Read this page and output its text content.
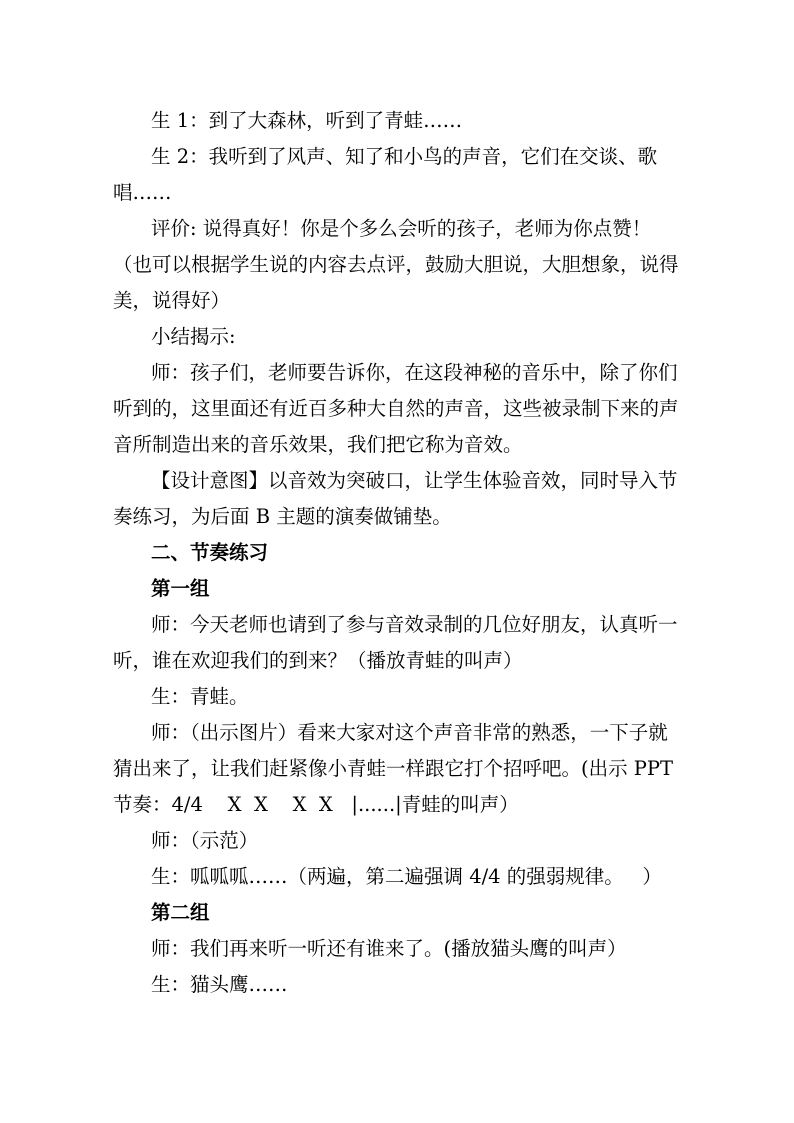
生 1：到了大森林，听到了青蛙……

生 2：我听到了风声、知了和小鸟的声音，它们在交谈、歌唱……

评价: 说得真好！你是个多么会听的孩子，老师为你点赞！（也可以根据学生说的内容去点评，鼓励大胆说，大胆想象，说得美，说得好）

小结揭示:

师：孩子们，老师要告诉你，在这段神秘的音乐中，除了你们听到的，这里面还有近百多种大自然的声音，这些被录制下来的声音所制造出来的音乐效果，我们把它称为音效。

【设计意图】以音效为突破口，让学生体验音效，同时导入节奏练习，为后面 B 主题的演奏做铺垫。

二、节奏练习

第一组

师：今天老师也请到了参与音效录制的几位好朋友，认真听一听，谁在欢迎我们的到来？（播放青蛙的叫声）

生：青蛙。

师：（出示图片）看来大家对这个声音非常的熟悉，一下子就猜出来了，让我们赶紧像小青蛙一样跟它打个招呼吧。(出示 PPT 节奏：4/4    X  X    X  X   |......|青蛙的叫声）

师：（示范）

生：呱呱呱……（两遍，第二遍强调 4/4 的强弱规律。   ）

第二组

师：我们再来听一听还有谁来了。(播放猫头鹰的叫声）

生：猫头鹰……
